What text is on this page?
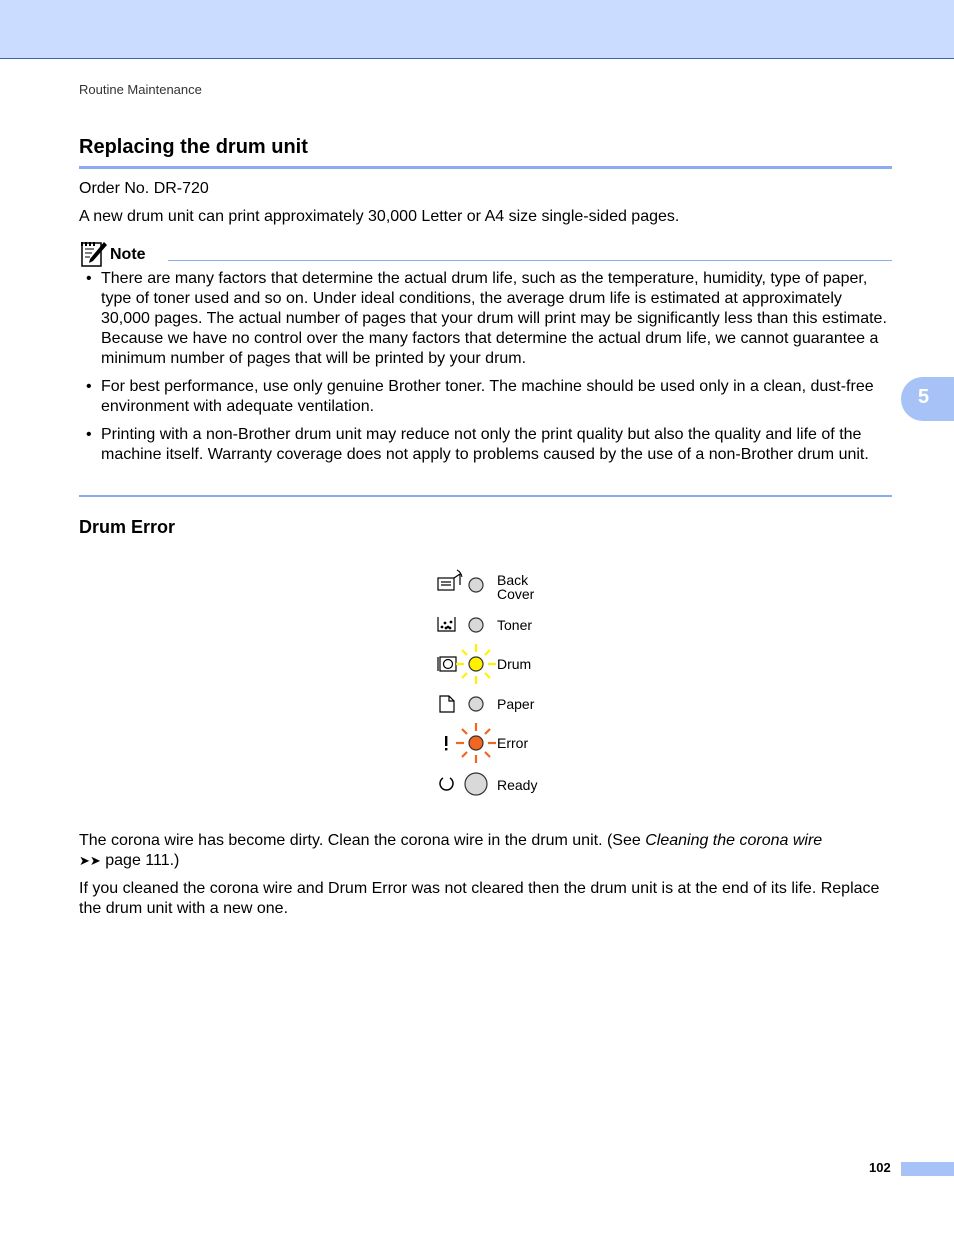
Routine Maintenance
Replacing the drum unit

Order No. DR-720

A new drum unit can print approximately 30,000 Letter or A4 size single-sided pages.

Note
• There are many factors that determine the actual drum life, such as the temperature, humidity, type of paper, type of toner used and so on. Under ideal conditions, the average drum life is estimated at approximately 30,000 pages. The actual number of pages that your drum will print may be significantly less than this estimate. Because we have no control over the many factors that determine the actual drum life, we cannot guarantee a minimum number of pages that will be printed by your drum.
• For best performance, use only genuine Brother toner. The machine should be used only in a clean, dust-free environment with adequate ventilation.
• Printing with a non-Brother drum unit may reduce not only the print quality but also the quality and life of the machine itself. Warranty coverage does not apply to problems caused by the use of a non-Brother drum unit.
Drum Error
Back
Cover
Toner
Drum
Paper
Error
Ready

The corona wire has become dirty. Clean the corona wire in the drum unit. (See Cleaning the corona wire
➤➤ page 111.)

If you cleaned the corona wire and Drum Error was not cleared then the drum unit is at the end of its life. Replace the drum unit with a new one.

5
102
